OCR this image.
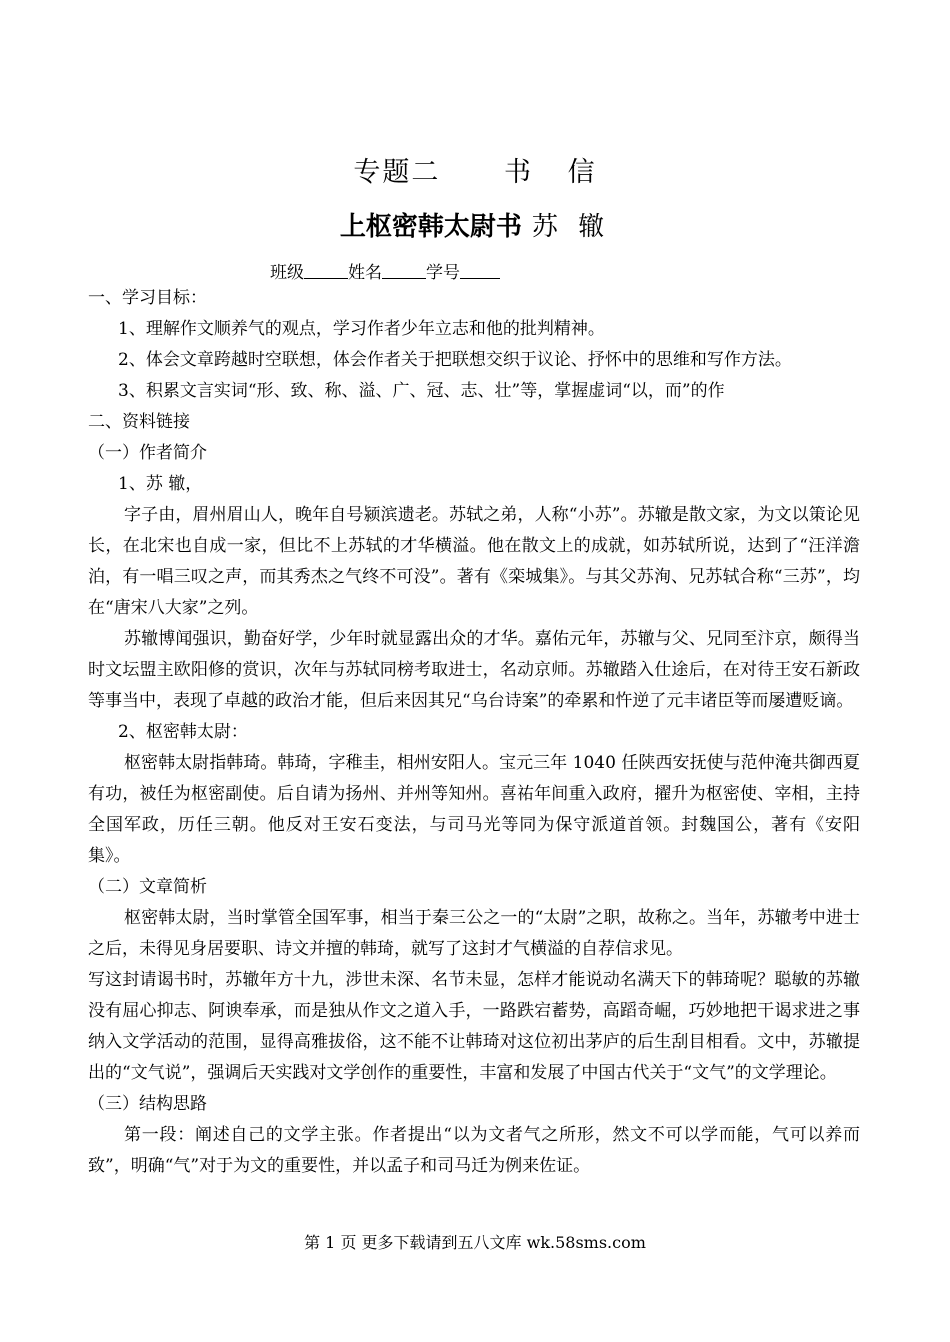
专题二　 书 信
上枢密韩太尉书 苏 辙
班级	姓名	学号

一、学习目标：

1、理解作文顺养气的观点，学习作者少年立志和他的批判精神。

2、体会文章跨越时空联想，体会作者关于把联想交织于议论、抒怀中的思维和写作方法。

3、积累文言实词“形、致、称、溢、广、冠、志、壮”等，掌握虚词“以，而”的作

二、资料链接

（一）作者简介

1、苏 辙，

字子由，眉州眉山人，晚年自号颍滨遗老。苏轼之弟，人称“小苏”。苏辙是散文家，为文以策论见长，在北宋也自成一家，但比不上苏轼的才华横溢。他在散文上的成就，如苏轼所说，达到了“汪洋澹泊，有一唱三叹之声，而其秀杰之气终不可没”。著有《栾城集》。与其父苏洵、兄苏轼合称“三苏”，均在“唐宋八大家”之列。

苏辙博闻强识，勤奋好学，少年时就显露出众的才华。嘉佑元年，苏辙与父、兄同至汴京，颇得当时文坛盟主欧阳修的赏识，次年与苏轼同榜考取进士，名动京师。苏辙踏入仕途后，在对待王安石新政等事当中，表现了卓越的政治才能，但后来因其兄“乌台诗案”的牵累和忤逆了元丰诸臣等而屡遭贬谪。

2、枢密韩太尉：

枢密韩太尉指韩琦。韩琦，字稚圭，相州安阳人。宝元三年 1040 任陕西安抚使与范仲淹共御西夏有功，被任为枢密副使。后自请为扬州、并州等知州。喜祐年间重入政府，擢升为枢密使、宰相，主持全国军政，历任三朝。他反对王安石变法，与司马光等同为保守派道首领。封魏国公，著有《安阳集》。

（二）文章简析

枢密韩太尉，当时掌管全国军事，相当于秦三公之一的“太尉”之职，故称之。当年，苏辙考中进士之后，未得见身居要职、诗文并擅的韩琦，就写了这封才气横溢的自荐信求见。

写这封请谒书时，苏辙年方十九，涉世未深、名节未显，怎样才能说动名满天下的韩琦呢？聪敏的苏辙没有屈心抑志、阿谀奉承，而是独从作文之道入手，一路跌宕蓄势，高蹈奇崛，巧妙地把干谒求进之事纳入文学活动的范围，显得高雅拔俗，这不能不让韩琦对这位初出茅庐的后生刮目相看。文中，苏辙提出的“文气说”，强调后天实践对文学创作的重要性，丰富和发展了中国古代关于“文气”的文学理论。

（三）结构思路

第一段：阐述自己的文学主张。作者提出“以为文者气之所形，然文不可以学而能，气可以养而致”，明确“气”对于为文的重要性，并以孟子和司马迁为例来佐证。

第 1 页 更多下载请到五八文库 wk.58sms.com
